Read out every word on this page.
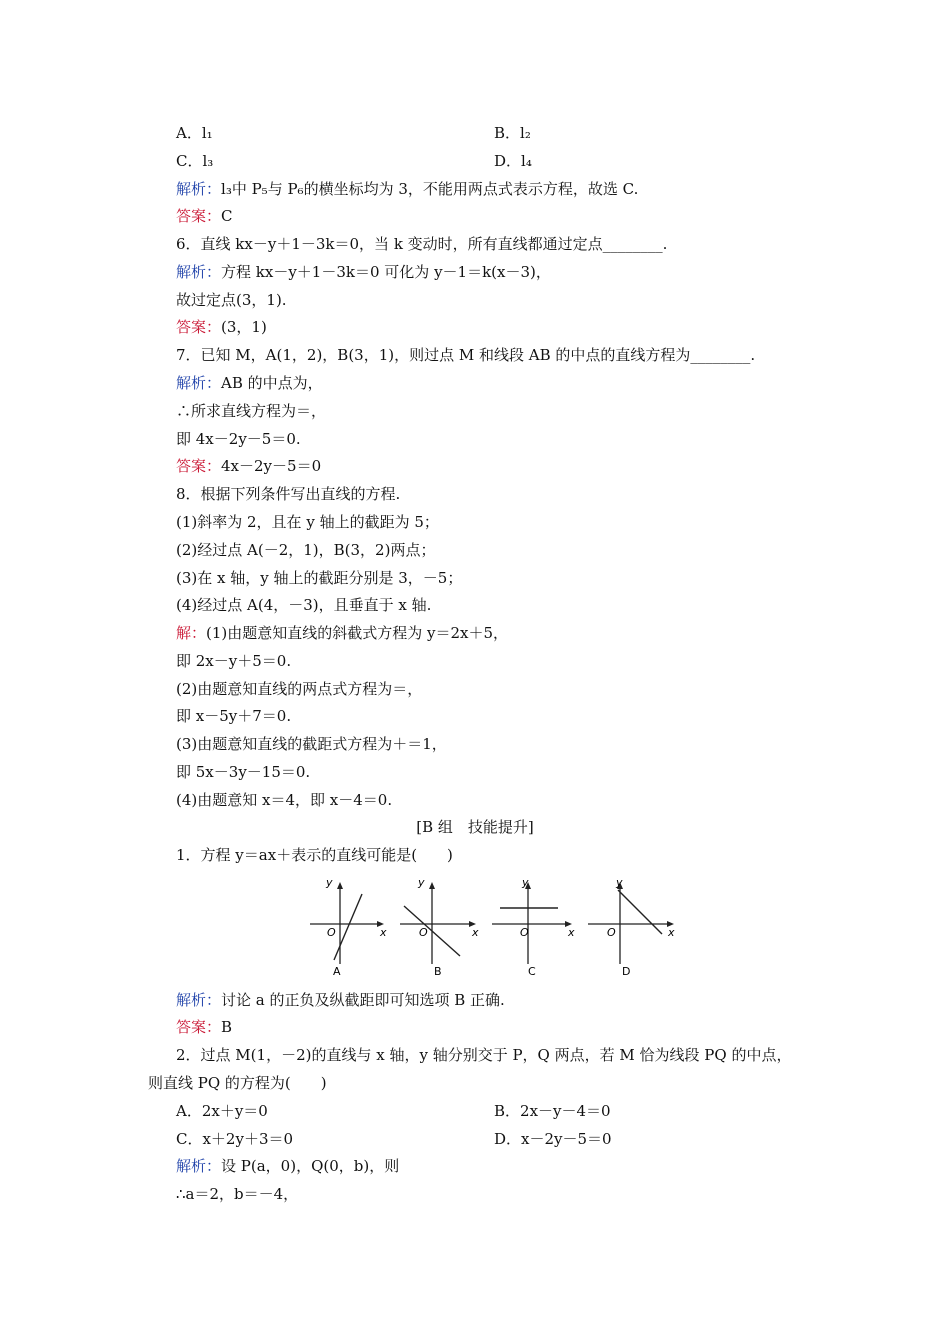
A．l₁	B．l₂
C．l₃	D．l₄
解析：l₃中 P₅与 P₆的横坐标均为 3，不能用两点式表示方程，故选 C.
答案：C
6．直线 kx－y＋1－3k＝0，当 k 变动时，所有直线都通过定点________.
解析：方程 kx－y＋1－3k＝0 可化为 y－1＝k(x－3)，
故过定点(3，1).
答案：(3，1)
7．已知 M，A(1，2)，B(3，1)，则过点 M 和线段 AB 的中点的直线方程为________.
解析：AB 的中点为，
∴所求直线方程为＝，
即 4x－2y－5＝0.
答案：4x－2y－5＝0
8．根据下列条件写出直线的方程.
(1)斜率为 2，且在 y 轴上的截距为 5；
(2)经过点 A(－2，1)，B(3，2)两点；
(3)在 x 轴，y 轴上的截距分别是 3，－5；
(4)经过点 A(4，－3)，且垂直于 x 轴.
解：(1)由题意知直线的斜截式方程为 y＝2x＋5，
即 2x－y＋5＝0.
(2)由题意知直线的两点式方程为＝，
即 x－5y＋7＝0.
(3)由题意知直线的截距式方程为＋＝1，
即 5x－3y－15＝0.
(4)由题意知 x＝4，即 x－4＝0.
[B 组　技能提升]
1．方程 y＝ax＋表示的直线可能是(　　)
y
x
O
A
y
x
O
B
y
x
O
C
y
x
O
D
解析：讨论 a 的正负及纵截距即可知选项 B 正确.
答案：B
2．过点 M(1，－2)的直线与 x 轴，y 轴分别交于 P，Q 两点，若 M 恰为线段 PQ 的中点，
则直线 PQ 的方程为(　　)
A．2x＋y＝0	B．2x－y－4＝0
C．x＋2y＋3＝0	D．x－2y－5＝0
解析：设 P(a，0)，Q(0，b)，则
∴a＝2，b＝－4，
